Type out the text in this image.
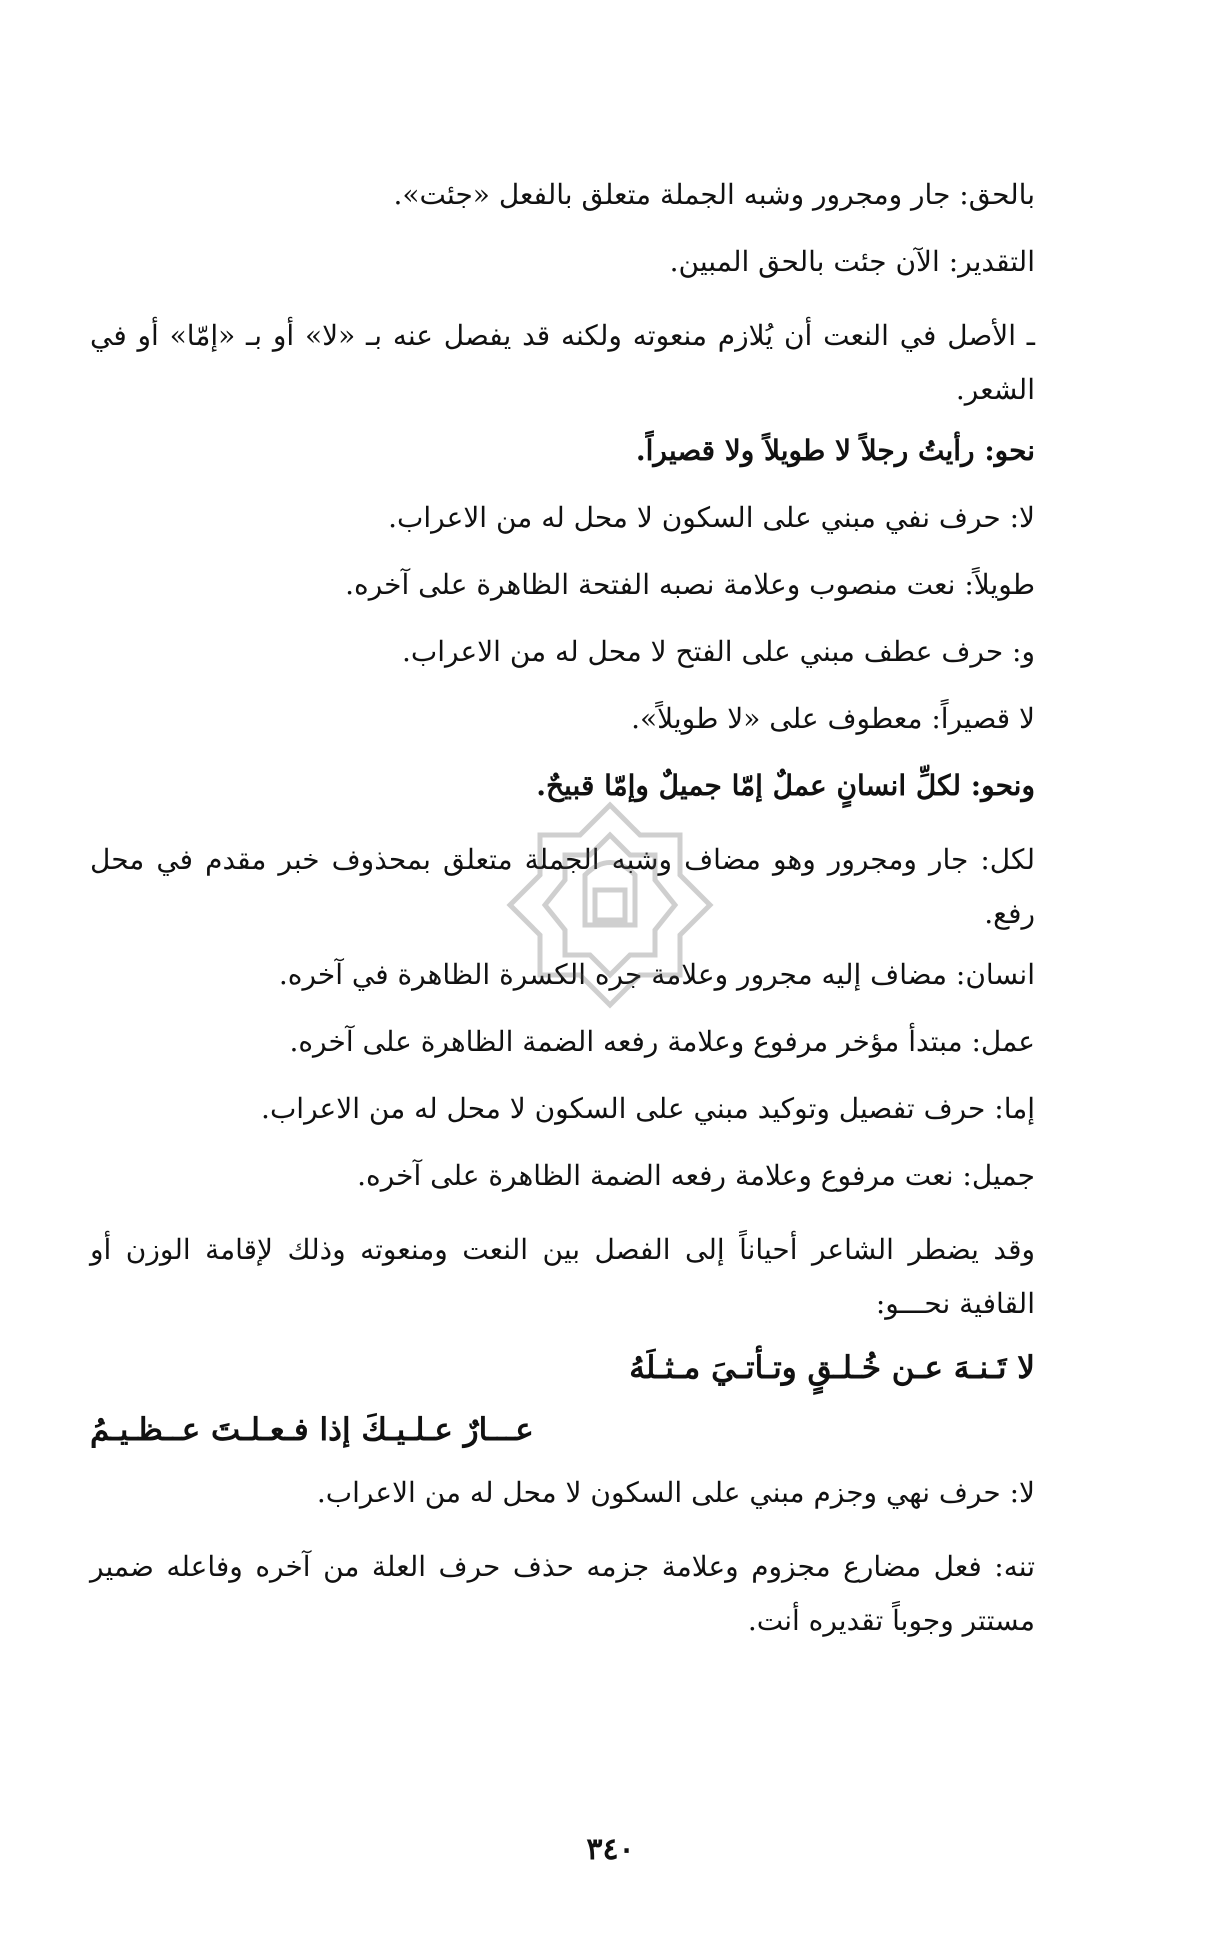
بالحق: جار ومجرور وشبه الجملة متعلق بالفعل «جئت».
التقدير: الآن جئت بالحق المبين.
ـ الأصل في النعت أن يُلازم منعوته ولكنه قد يفصل عنه بـ «لا» أو بـ «إمّا» أو في الشعر.
نحو: رأيتُ رجلاً لا طويلاً ولا قصيراً.
لا: حرف نفي مبني على السكون لا محل له من الاعراب.
طويلاً: نعت منصوب وعلامة نصبه الفتحة الظاهرة على آخره.
و: حرف عطف مبني على الفتح لا محل له من الاعراب.
لا قصيراً: معطوف على «لا طويلاً».
ونحو: لكلِّ انسانٍ عملٌ إمّا جميلٌ وإمّا قبيحٌ.
لكل: جار ومجرور وهو مضاف وشبه الجملة متعلق بمحذوف خبر مقدم في محل رفع.
انسان: مضاف إليه مجرور وعلامة جره الكسرة الظاهرة في آخره.
عمل: مبتدأ مؤخر مرفوع وعلامة رفعه الضمة الظاهرة على آخره.
إما: حرف تفصيل وتوكيد مبني على السكون لا محل له من الاعراب.
جميل: نعت مرفوع وعلامة رفعه الضمة الظاهرة على آخره.
وقد يضطر الشاعر أحياناً إلى الفصل بين النعت ومنعوته وذلك لإقامة الوزن أو القافية نحـــو:
لا تَـنـهَ عـن خُـلـقٍ وتـأتـيَ مـثـلَهُ
عـــارٌ عـلـيـكَ إذا فـعـلـتَ عــظـيـمُ
لا: حرف نهي وجزم مبني على السكون لا محل له من الاعراب.
تنه: فعل مضارع مجزوم وعلامة جزمه حذف حرف العلة من آخره وفاعله ضمير مستتر وجوباً تقديره أنت.
٣٤٠
